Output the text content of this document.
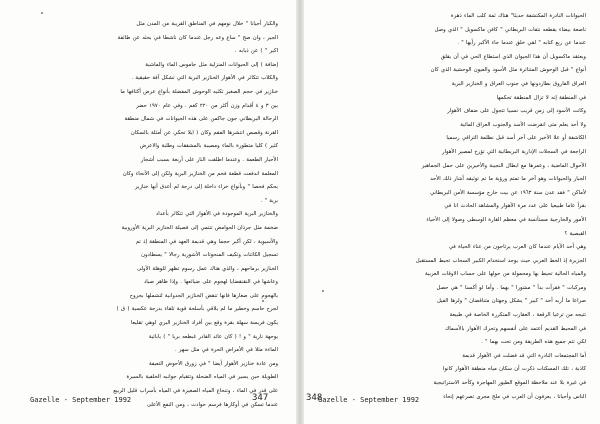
والكبار أحيانا " خلال نومهم في المناطق القريبة من المدن مثل
الجير ، وان صح " ساع وعه رجل عندما كان ناشطا في بحثه عن طائفة
اكبر " ) عن ذيابه .
إضافة ) إلى الحيوانات المنزلية مثل جاموس الماء والماشية
والكلاب تتكاثر في الأهوار الخنازير البرية التي تشكل آفة حقيقية .
خنازير في حجم الصغير تكثيه الوحوش المفضلة بأنواع عرض أكتافها ما
بين ٣ و ٤ أقدام وزن أكثر من ٢٢٠ كغم . وفي عام ١٩٧٠ حضر
الرحالة البريطاني جون جاكمن على هذه الحيوانات في شمال منطقة
القرنة وقصص انتشرها الفقم وكان ( ايلا تحكي عن أمثلة بالسكان
كثير ) كليا متطورة بالماء ومصيبة بالمشققات وطلبة والاعرض
الأحيار الطعمة . وعندما اطلقت النار على أربعة بسبب أشجار
المعلمة اندفعت قطعة فخم من الخنازير البرية ولكن إلى الأنحاء وكان
يحكم فحصا " وبأنواع خراء داخلة إلى درجة لم أعدق أنها خنازير
برية " .
والخنازير البرية الموجودة في الأهوار التي تتكاثر بأعداد
ضخمة مثل جرذان الحوامض تنتمي إلى فصيلة الخنازير البرية الأوروبية
والآسيوية ، لكن أكبر حجما وهي قديمة العهد في المنطقة إذ تم
تسجيل الكائنات وتكيف المنحوتات الأشورية رجالا " يسطادون
الخنازير برماحهم ، والذي هناك عمل رسوم تظهر للوهلة الأولى
وعاشها في النقنقضايا لهجوم على ضيائعها . وإذا ظاهر صياد
بالهجوم على صغارها فانها تنقض الخنازير الجدوانية لتشملها بجروح
لجرح حاسم وخطير ما لم يلاقي بأسلحة قوية تلقاء بدرجة عكسية ( ق )
يكون فريسة سهلة بقرة وقع بين أفراد الخنازير البري لوهي تقليعا
يوحهة نارية " و ! ( كان عائد القادر غبطعه بريا " ) بابائية
الماءة مثلا في الأمراض الحرة في مثل سهر .
ومن عادة خنازير الأهوار أيضا " في زورق الأحوض التعيفة
الطويلة حين يسير في المياه الضحلة وتتقيام جوانبه الخلفية بالسيرة
على قدر في الماء ، وتنحاع المياه الصغيرة في المياه بأسراب قليل الربيع
عندما تسكن في أوكارها فرسم حوادث ، ومن النفع الأعلى
Gazelle - September 1992	347
الحيوانات النادرة المكتشفة حديثا" هناك ثمة كلب الماء ذهرة
ناصعة بيضاء يقطعه نتفات البريطاني " كافن ماكسويل " الذي وصل
عندما عن ربع كتابه " لقي خلق عندما جاء الأكبر رأيها " .
ويعتقد ماكسويل أن هذا الحيوان الذي استطاع الحي في أن يقلق
أنواع " قبل الوحوش المتناثرة مثل الأسود والعيون الوحشية الذي كان
العراق الفاروق بطاردونها في جنوب العراق و الخنازير البرية
في المنطقة إنه لا تزال المنطقة تحكمها
وكانت الأسود إلى زمن قريب نسبيا تتجول على ضفاف الأهوار
ولا أحد يعلم متى انقرضت الأسد والجنوب العراق المائية
الكاشفة أو علا الأخير على آخر أسد قبل نظلمة التراقي رسميا
الراجعة في السجلات الإدارية البريطانية التي تؤرخ لمصير الأهوار
الأحوال الماضية ، وعمرها مع ابطال النجيبة والأخيرين على حمل الجماهير
الجبار والحيوانات وهو آخر ما تمتم ورؤية ما تم توثيقه أشار ذلك الأحد
لأماكن " فقد عدن سنة ١٩٦٣ عن بيت خارج مؤسسة الأمن البريطاني
بقرأ عاما طبيعيا على عدد مرة الأهوار والمشاهد الحادث انا في
الأمور والخارجية مستأنسة في معظم القارة الوسطى وصولا إلى الأحياء
القيصية ؟
وهي أحد الأيام عندما كان العرب يرتاحون من عناء الحياة في
الجزيرة إذ الخط العربي حيث يوجد استخدام الكبير السحاب تحيط المستقبل
والمياه الحالية تحيط بها ومحمولة من حولها على حساب الاوقات العربية
ومركبات " فقرأت بدأ " مشورا " بهما . وأما لو أكسنا " هي حصل
صراعا ما أربه أحد " كبير " يشكل وجهتان متناقضان " ولرها الفيل
تتيجه من ترعيا الرقعة ، العقارب المتكررة الخاصة في طبيعة
في المحيط القديم أعتمد على أنفسهم وتحرك الأهوار بالأسماك
لكي تتم جميع هذه الطريقة ومن تحت بهما " .
أما المجتمعات النادرة التي قد فضلت في الأهوار قديمة
كاذبة ، تلك المسكنات ذكرت أن سكان مياه منطقة الأهوار كانوا
في غيرة بلا عند ملاحظة الموقع الطيور المهاجرة وكأحد الاستراتيجية
الناس وأحيانا ، يعرفون أن العرب في ملح مجرى تصرعهم إنحاء
348
Gazelle - September 1992
